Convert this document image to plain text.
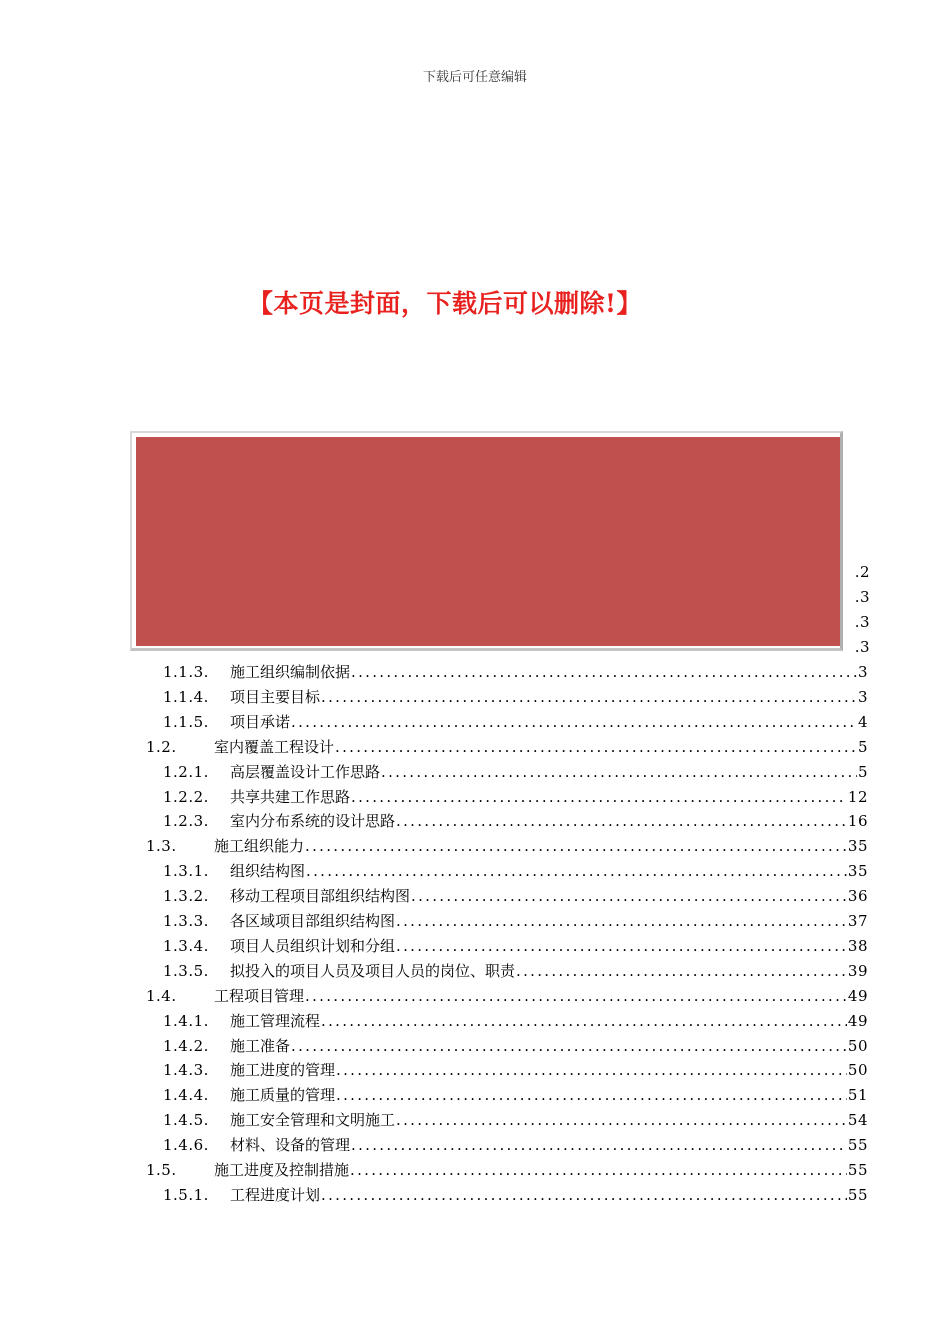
下载后可任意编辑
【本页是封面，下载后可以删除!】
.2
.3
.3
.3
1.1.3.	施工组织编制依据 .....	3
1.1.4.	项目主要目标 .....	3
1.1.5.	项目承诺 .....	4
1.2.	室内覆盖工程设计 .....	5
1.2.1.	高层覆盖设计工作思路 .....	5
1.2.2.	共享共建工作思路 .....	12
1.2.3.	室内分布系统的设计思路 .....	16
1.3.	施工组织能力 .....	35
1.3.1.	组织结构图 .....	35
1.3.2.	移动工程项目部组织结构图 .....	36
1.3.3.	各区域项目部组织结构图 .....	37
1.3.4.	项目人员组织计划和分组 .....	38
1.3.5.	拟投入的项目人员及项目人员的岗位、职责 .....	39
1.4.	工程项目管理 .....	49
1.4.1.	施工管理流程 .....	49
1.4.2.	施工准备 .....	50
1.4.3.	施工进度的管理 .....	50
1.4.4.	施工质量的管理 .....	51
1.4.5.	施工安全管理和文明施工 .....	54
1.4.6.	材料、设备的管理 .....	55
1.5.	施工进度及控制措施 .....	55
1.5.1.	工程进度计划 .....	55
